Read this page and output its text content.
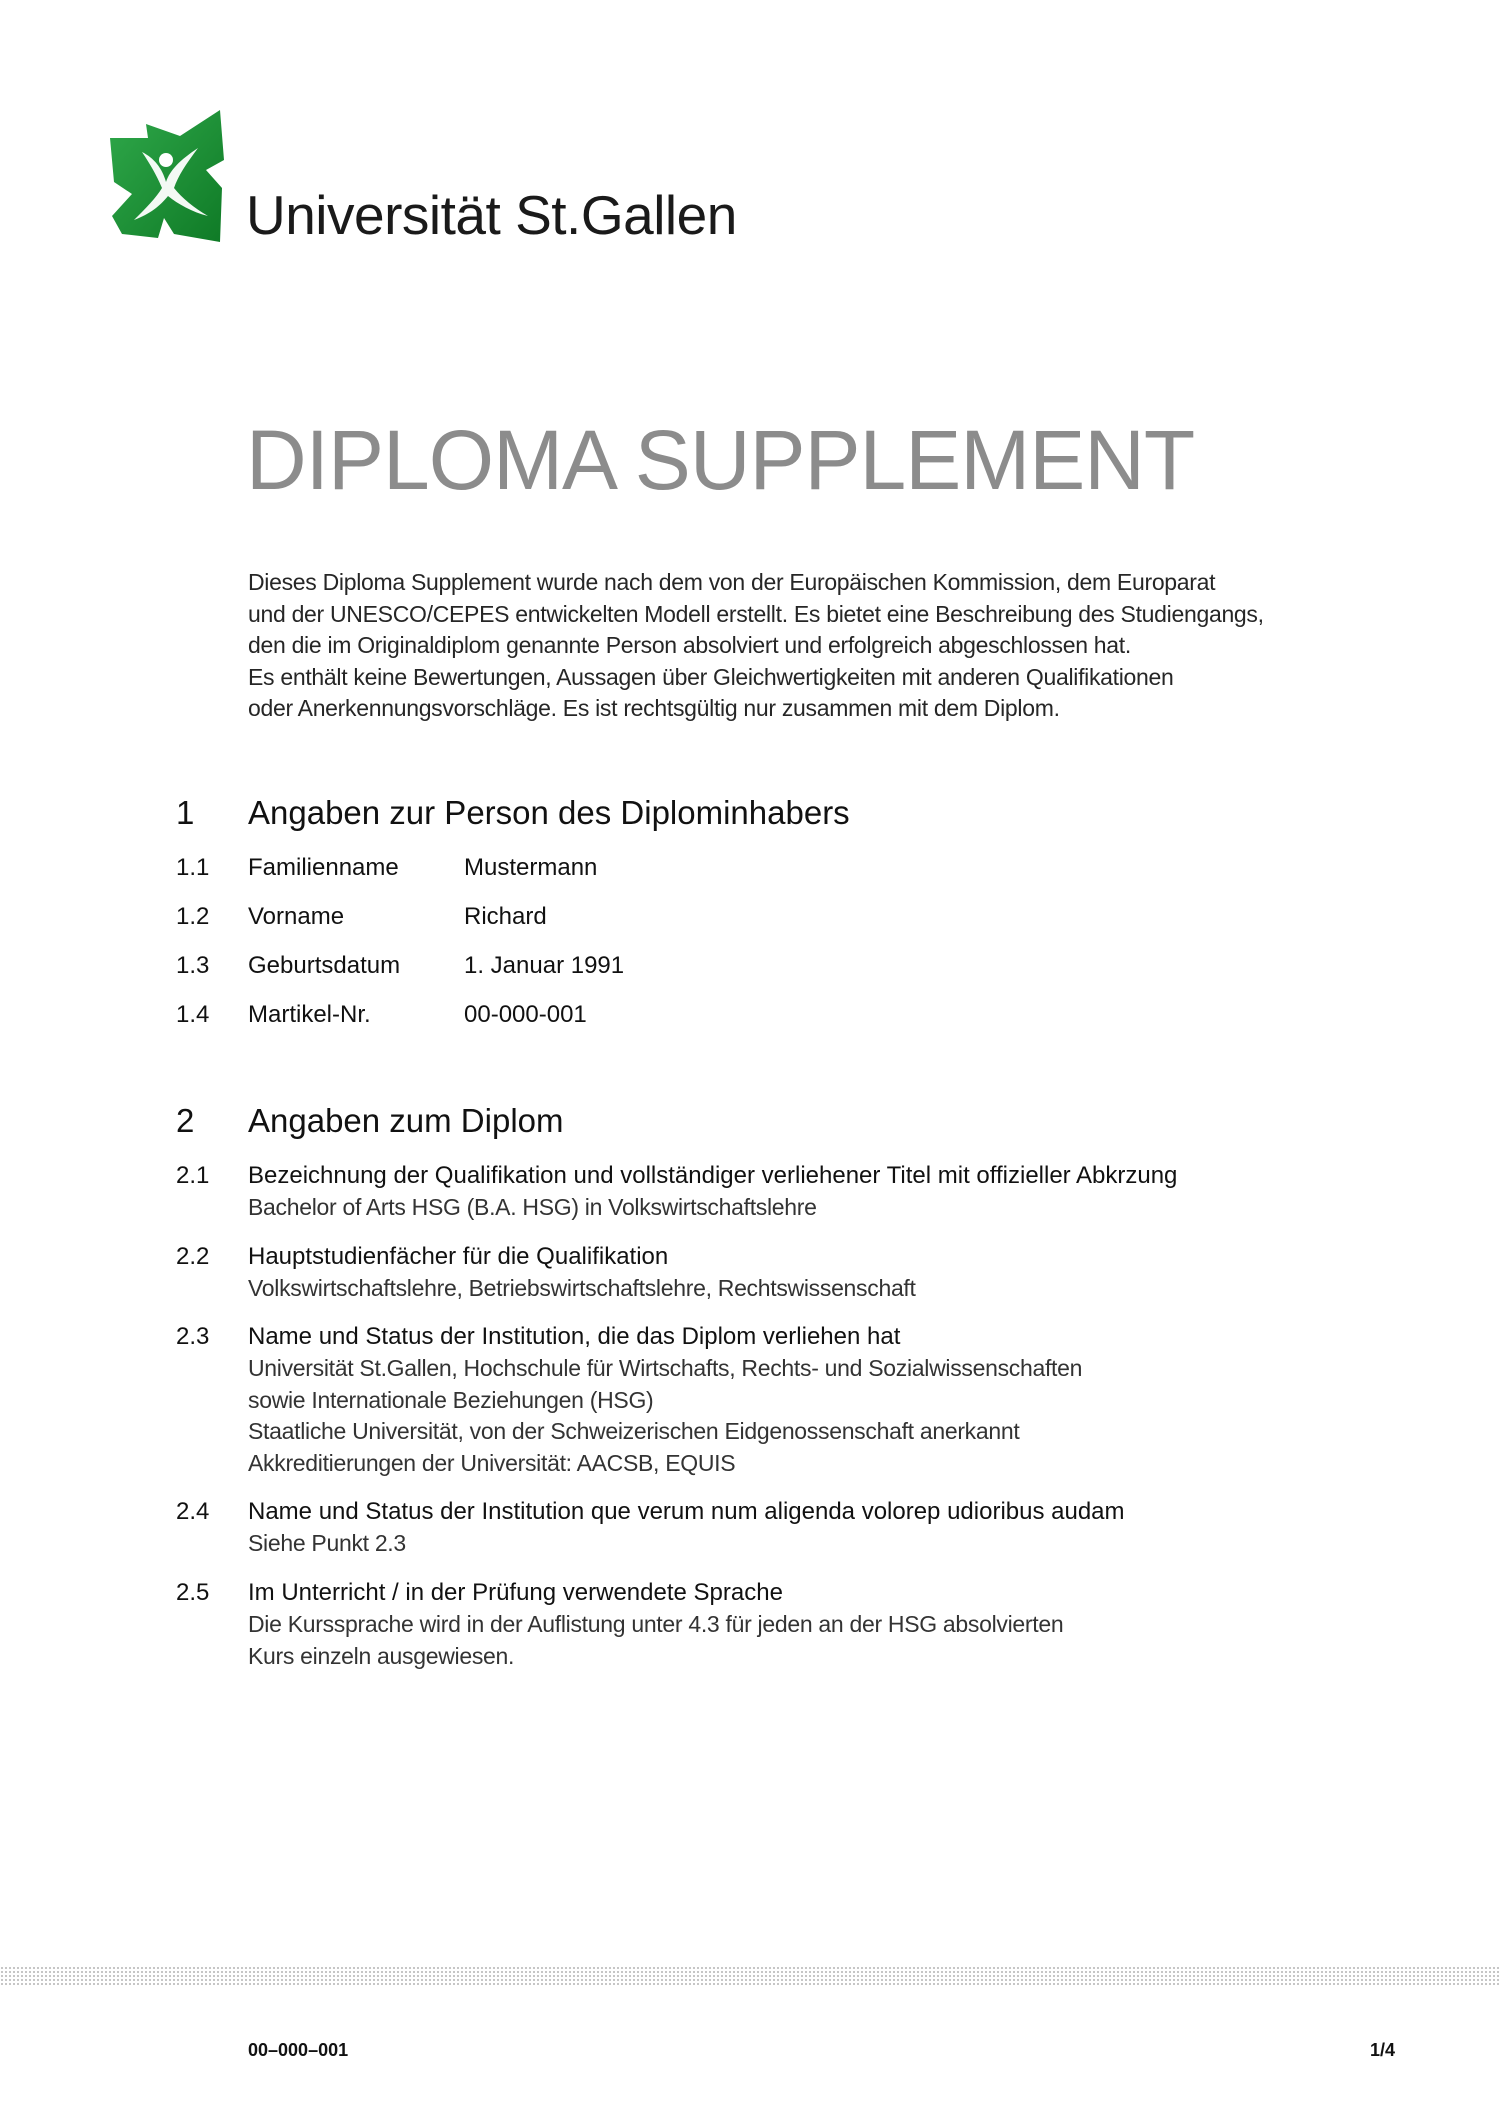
Universität St.Gallen
DIPLOMA SUPPLEMENT
Dieses Diploma Supplement wurde nach dem von der Europäischen Kommission, dem Europarat
und der UNESCO/CEPES entwickelten Modell erstellt. Es bietet eine Beschreibung des Studiengangs,
den die im Originaldiplom genannte Person absolviert und erfolgreich abgeschlossen hat.
Es enthält keine Bewertungen, Aussagen über Gleichwertigkeiten mit anderen Qualifikationen
oder Anerkennungsvorschläge. Es ist rechtsgültig nur zusammen mit dem Diplom.
1 Angaben zur Person des Diplominhabers
1.1 Familienname	Mustermann
1.2 Vorname	Richard
1.3 Geburtsdatum	1. Januar 1991
1.4 Martikel-Nr.	00-000-001
2 Angaben zum Diplom
2.1 Bezeichnung der Qualifikation und vollständiger verliehener Titel mit offizieller Abkrzung
Bachelor of Arts HSG (B.A. HSG) in Volkswirtschaftslehre
2.2 Hauptstudienfächer für die Qualifikation
Volkswirtschaftslehre, Betriebswirtschaftslehre, Rechtswissenschaft
2.3 Name und Status der Institution, die das Diplom verliehen hat
Universität St.Gallen, Hochschule für Wirtschafts, Rechts- und Sozialwissenschaften
sowie Internationale Beziehungen (HSG)
Staatliche Universität, von der Schweizerischen Eidgenossenschaft anerkannt
Akkreditierungen der Universität: AACSB, EQUIS
2.4 Name und Status der Institution que verum num aligenda volorep udioribus audam
Siehe Punkt 2.3
2.5 Im Unterricht / in der Prüfung verwendete Sprache
Die Kurssprache wird in der Auflistung unter 4.3 für jeden an der HSG absolvierten
Kurs einzeln ausgewiesen.
00–000–001	1/4
